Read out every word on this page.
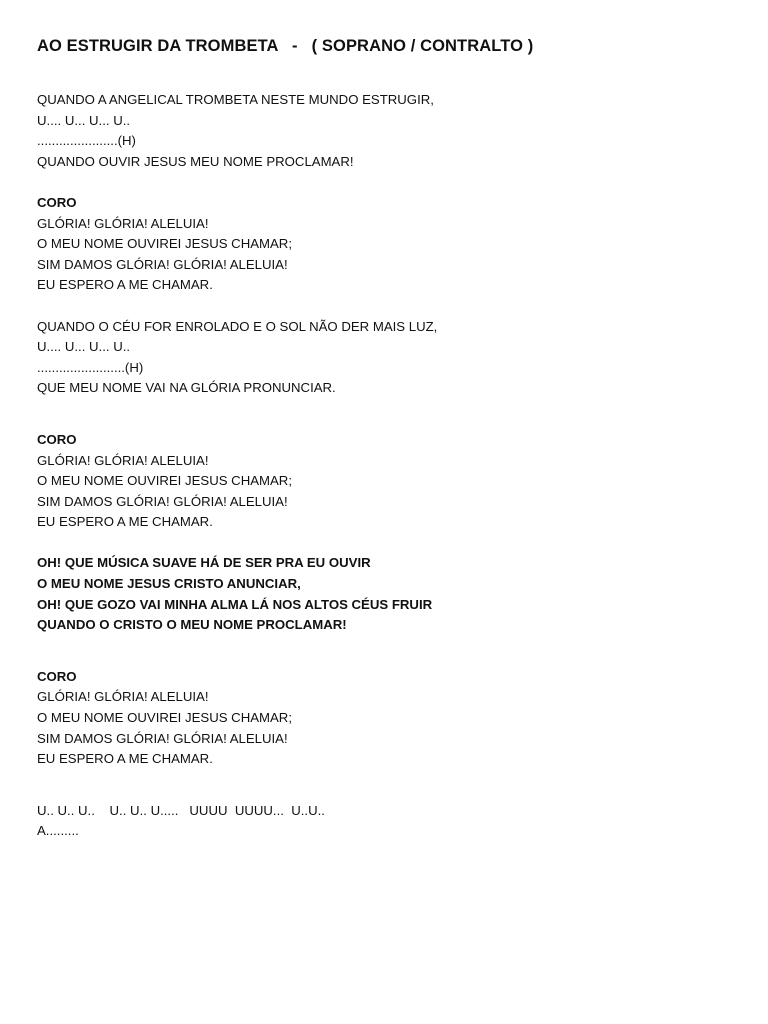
AO ESTRUGIR DA TROMBETA   -   ( SOPRANO / CONTRALTO )
QUANDO A ANGELICAL TROMBETA NESTE MUNDO ESTRUGIR,
U.... U... U... U..
......................(H)
QUANDO OUVIR JESUS MEU NOME PROCLAMAR!
CORO
GLÓRIA! GLÓRIA! ALELUIA!
O MEU NOME OUVIREI JESUS CHAMAR;
SIM DAMOS GLÓRIA! GLÓRIA! ALELUIA!
EU ESPERO A ME CHAMAR.
QUANDO O CÉU FOR ENROLADO E O SOL NÃO DER MAIS LUZ,
U.... U... U... U..
........................(H)
QUE MEU NOME VAI NA GLÓRIA PRONUNCIAR.
CORO
GLÓRIA! GLÓRIA! ALELUIA!
O MEU NOME OUVIREI JESUS CHAMAR;
SIM DAMOS GLÓRIA! GLÓRIA! ALELUIA!
EU ESPERO A ME CHAMAR.
OH! QUE MÚSICA SUAVE HÁ DE SER PRA EU OUVIR
O MEU NOME JESUS CRISTO ANUNCIAR,
OH! QUE GOZO VAI MINHA ALMA LÁ NOS ALTOS CÉUS FRUIR
QUANDO O CRISTO O MEU NOME PROCLAMAR!
CORO
GLÓRIA! GLÓRIA! ALELUIA!
O MEU NOME OUVIREI JESUS CHAMAR;
SIM DAMOS GLÓRIA! GLÓRIA! ALELUIA!
EU ESPERO A ME CHAMAR.
U.. U.. U..    U.. U.. U.....   UUUU  UUUU...  U..U..
A.........
